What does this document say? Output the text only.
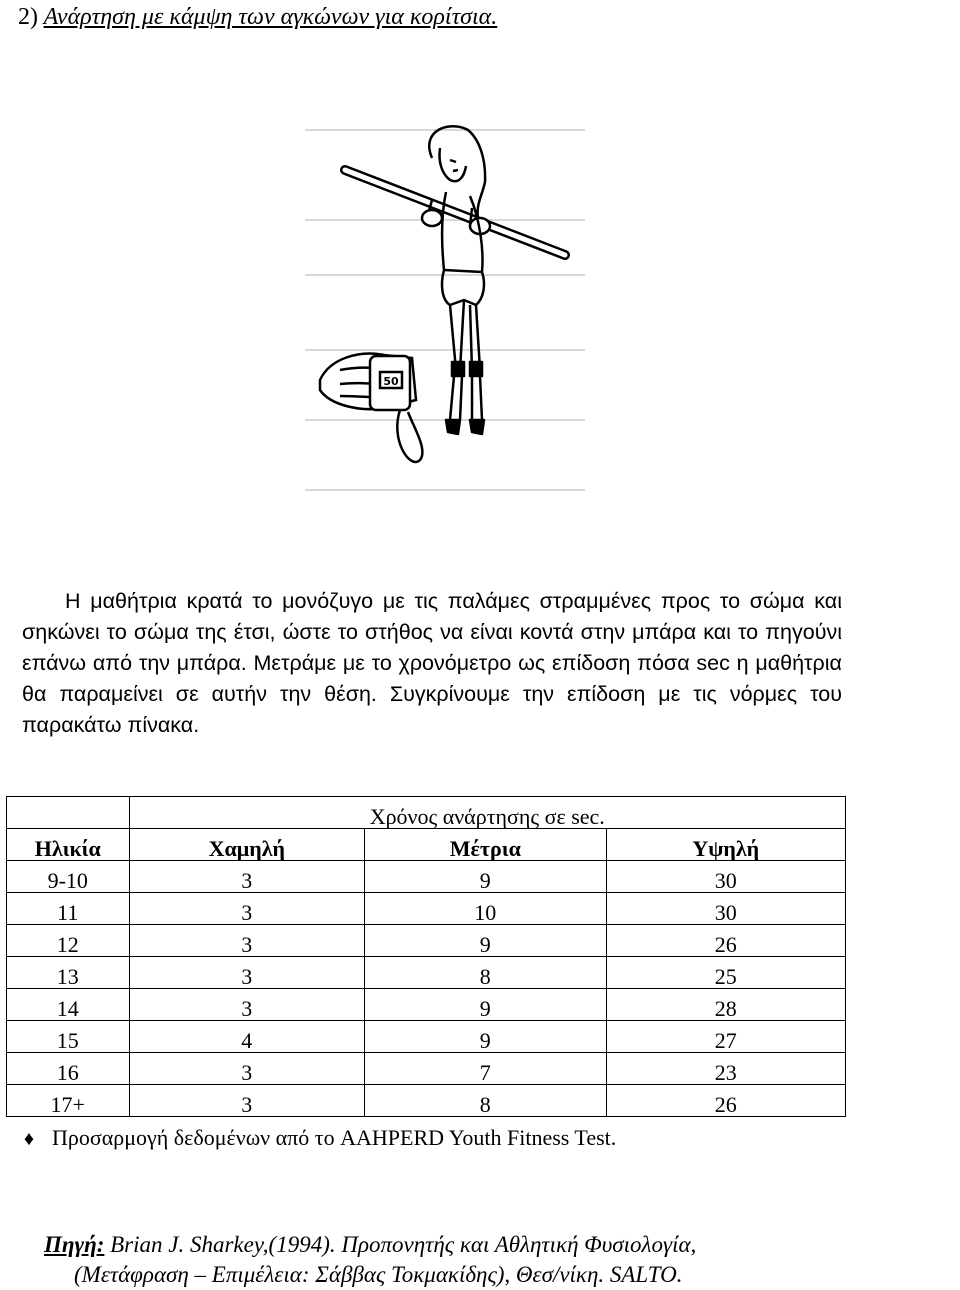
2) Ανάρτηση με κάμψη των αγκώνων για κορίτσια.
50
Η μαθήτρια κρατά το μονόζυγο με τις παλάμες στραμμένες προς το σώμα και σηκώνει το σώμα της έτσι, ώστε το στήθος να είναι κοντά στην μπάρα και το πηγούνι επάνω από την μπάρα. Μετράμε με το χρονόμετρο ως επίδοση πόσα sec η μαθήτρια θα παραμείνει σε αυτήν την θέση. Συγκρίνουμε την επίδοση με τις νόρμες του παρακάτω πίνακα.
	Χρόνος ανάρτησης σε sec.		
Ηλικία	Χαμηλή	Μέτρια	Υψηλή
9-10	3	9	30
11	3	10	30
12	3	9	26
13	3	8	25
14	3	9	28
15	4	9	27
16	3	7	23
17+	3	8	26
♦ Προσαρμογή δεδομένων από το AAHPERD Youth Fitness Test.
Πηγή: Brian J. Sharkey,(1994). Προπονητής και Αθλητική Φυσιολογία,
(Μετάφραση – Επιμέλεια: Σάββας Τοκμακίδης), Θεσ/νίκη. SALTO.
